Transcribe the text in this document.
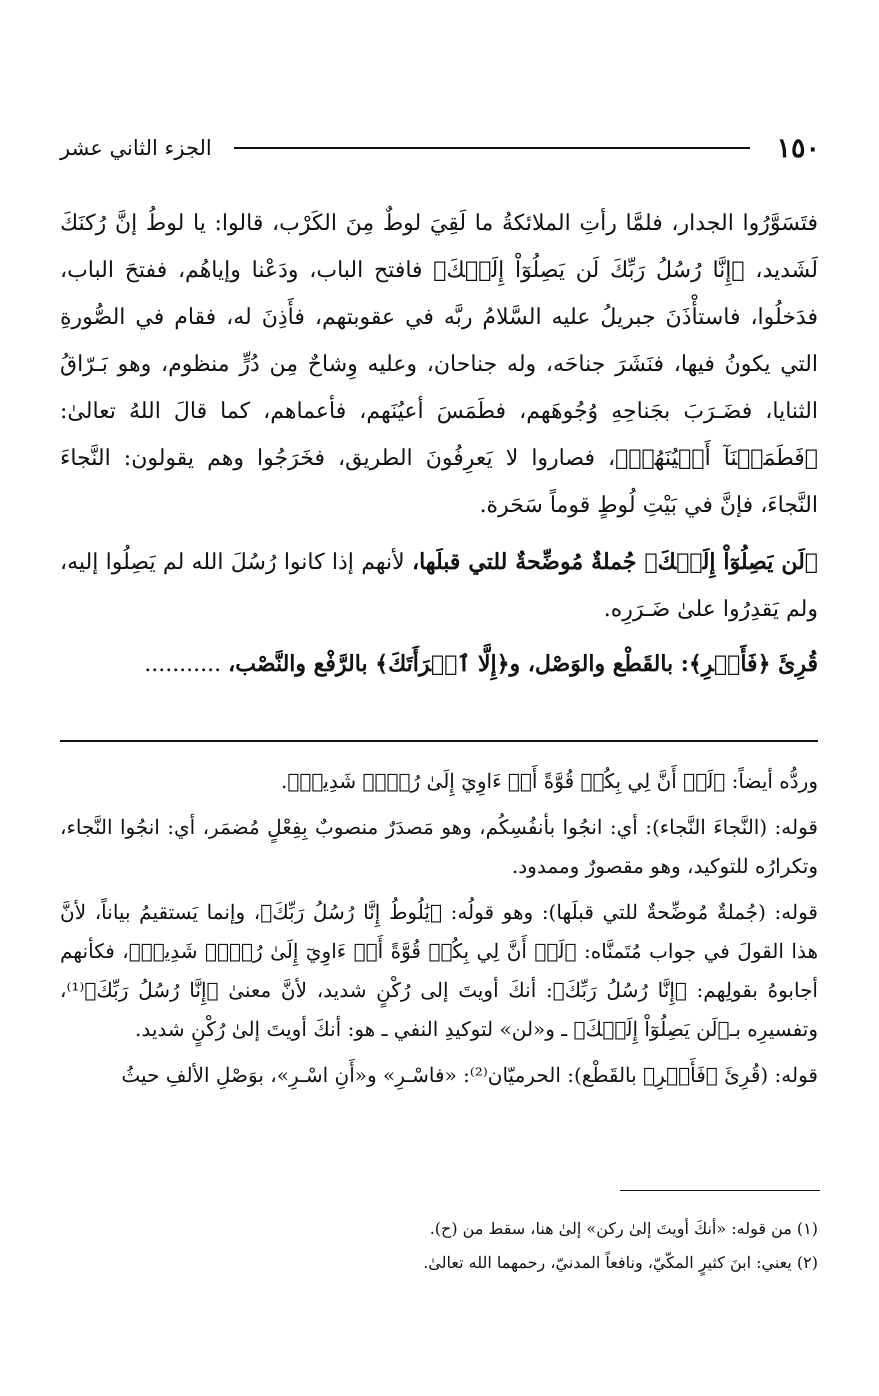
١٥٠
الجزء الثاني عشر

فتَسَوَّرُوا الجدار، فلمَّا رأتِ الملائكةُ ما لَقِيَ لوطٌ مِنَ الكَرْب، قالوا: يا لوطُ إنَّ رُكنَكَ لَشَديد، ﴿إِنَّا رُسُلُ رَبِّكَ لَن يَصِلُوٓاْ إِلَيۡكَ﴾ فافتح الباب، ودَعْنا وإياهُم، ففتحَ الباب، فدَخلُوا، فاستأْذَنَ جبريلُ عليه السَّلامُ ربَّه في عقوبتهم، فأَذِنَ له، فقام في الصُّورةِ التي يكونُ فيها، فنَشَرَ جناحَه، وله جناحان، وعليه وِشاحٌ مِن دُرٍّ منظوم، وهو بَـرّاقُ الثنايا، فضَـرَبَ بجَناحِهِ وُجُوهَهم، فطَمَسَ أعيُنَهم، فأعماهم، كما قالَ اللهُ تعالىٰ: ﴿فَطَمَسۡنَآ أَعۡيُنَهُمۡ﴾، فصاروا لا يَعرِفُونَ الطريق، فخَرَجُوا وهم يقولون: النَّجاءَ النَّجاءَ، فإنَّ في بَيْتِ لُوطٍ قوماً سَحَرة.

﴿لَن يَصِلُوٓاْ إِلَيۡكَ﴾ جُملةٌ مُوضِّحةٌ للتي قبلَها، لأنهم إذا كانوا رُسُلَ الله لم يَصِلُوا إليه، ولم يَقدِرُوا علىٰ ضَـرَرِه.

قُرِئَ ﴿فَأَسۡرِ﴾: بالقَطْع والوَصْل، و﴿إِلَّا ٱمۡرَأَتَكَ﴾ بالرَّفْع والنَّصْب، ...........

وردُّه أيضاً: ﴿لَوۡ أَنَّ لِي بِكُمۡ قُوَّةً أَوۡ ءَاوِيٓ إِلَىٰ رُكۡنٖ شَدِيدٖ﴾.

قوله: (النَّجاءَ النَّجاء): أي: انجُوا بأنفُسِكُم، وهو مَصدَرٌ منصوبٌ بِفِعْلٍ مُضمَر، أي: انجُوا النَّجاء، وتكرارُه للتوكيد، وهو مقصورٌ وممدود.

قوله: (جُملةٌ مُوضِّحةٌ للتي قبلَها): وهو قولُه: ﴿يَٰلُوطُ إِنَّا رُسُلُ رَبِّكَ﴾، وإنما يَستقيمُ بياناً، لأنَّ هذا القولَ في جواب مُتَمنَّاه: ﴿لَوۡ أَنَّ لِي بِكُمۡ قُوَّةً أَوۡ ءَاوِيٓ إِلَىٰ رُكۡنٖ شَدِيدٖ﴾، فكأنهم أجابوهُ بقولِهم: ﴿إِنَّا رُسُلُ رَبِّكَ﴾: أنكَ أويتَ إلى رُكْنٍ شديد، لأنَّ معنىٰ ﴿إِنَّا رُسُلُ رَبِّكَ﴾⁽¹⁾، وتفسيرِه بـ﴿لَن يَصِلُوٓاْ إِلَيۡكَ﴾ ـ و«لن» لتوكيدِ النفي ـ هو: أنكَ أويتَ إلىٰ رُكْنٍ شديد.

قوله: (قُرِئَ ﴿فَأَسۡرِ﴾ بالقَطْع): الحرميّان⁽²⁾: «فاسْـرِ» و«أَنِ اسْـرِ»، بوَصْلِ الألفِ حيثُ

(١) من قوله: «أنكَ أويتَ إلىٰ ركن» إلىٰ هنا، سقط من (ح).

(٢) يعني: ابنَ كثيرٍ المكّيّ، ونافعاً المدنيّ، رحمهما الله تعالىٰ.
